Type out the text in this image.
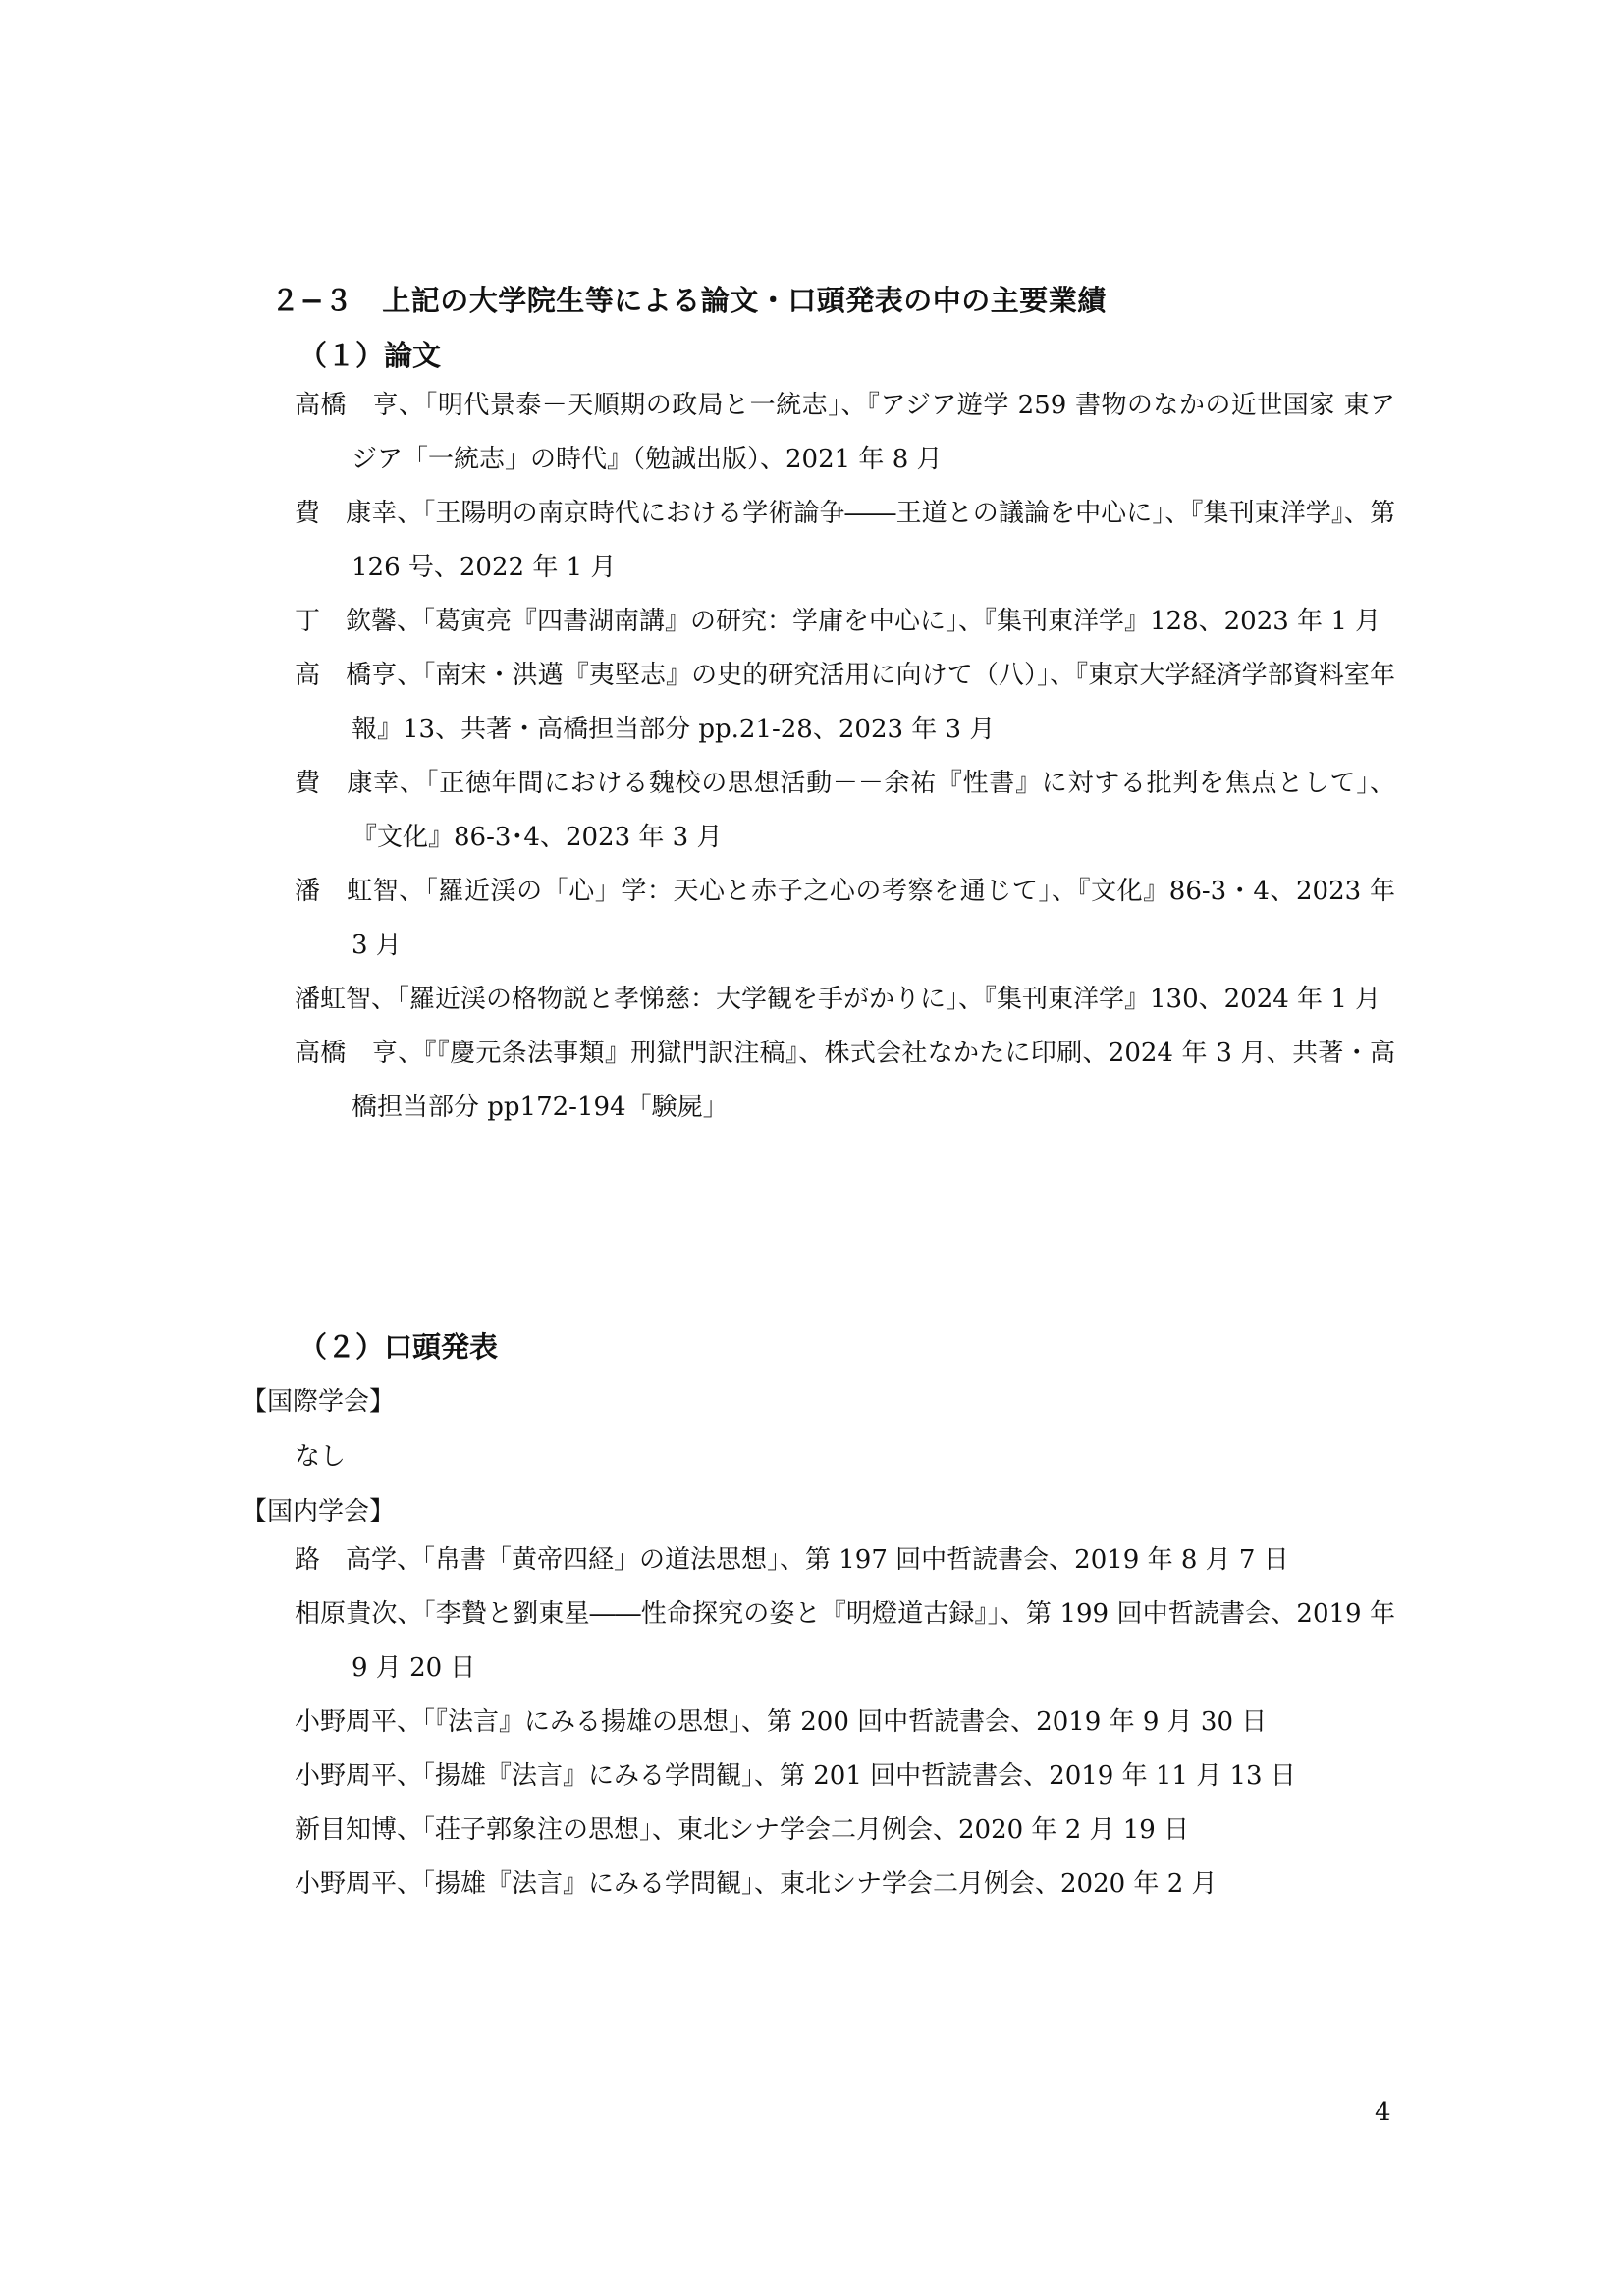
２−３　上記の大学院生等による論文・口頭発表の中の主要業績
（１）論文
高橋　亨、「明代景泰－天順期の政局と一統志」、『アジア遊学 259 書物のなかの近世国家 東アジア「一統志」の時代』（勉誠出版）、2021 年 8 月
費　康幸、「王陽明の南京時代における学術論争――王道との議論を中心に」、『集刊東洋学』、第 126 号、2022 年 1 月
丁　欽馨、「葛寅亮『四書湖南講』の研究：学庸を中心に」、『集刊東洋学』128、2023 年 1 月
高　橋亨、「南宋・洪邁『夷堅志』の史的研究活用に向けて（八）」、『東京大学経済学部資料室年報』13、共著・高橋担当部分 pp.21-28、2023 年 3 月
費　康幸、「正徳年間における魏校の思想活動－－余祐『性書』に対する批判を焦点として」、『文化』86-3･4、2023 年 3 月
潘　虹智、「羅近渓の「心」学：天心と赤子之心の考察を通じて」、『文化』86-3・4、2023 年 3 月
潘虹智、「羅近渓の格物説と孝悌慈：大学観を手がかりに」、『集刊東洋学』130、2024 年 1 月
高橋　亨、『『慶元条法事類』刑獄門訳注稿』、株式会社なかたに印刷、2024 年 3 月、共著・高橋担当部分 pp172-194「験屍」
（２）口頭発表
【国際学会】
なし
【国内学会】
路　高学、「帛書「黄帝四経」の道法思想」、第 197 回中哲読書会、2019 年 8 月 7 日
相原貴次、「李贄と劉東星――性命探究の姿と『明燈道古録』」、第 199 回中哲読書会、2019 年 9 月 20 日
小野周平、「『法言』にみる揚雄の思想」、第 200 回中哲読書会、2019 年 9 月 30 日
小野周平、「揚雄『法言』にみる学問観」、第 201 回中哲読書会、2019 年 11 月 13 日
新目知博、「荘子郭象注の思想」、東北シナ学会二月例会、2020 年 2 月 19 日
小野周平、「揚雄『法言』にみる学問観」、東北シナ学会二月例会、2020 年 2 月
4
